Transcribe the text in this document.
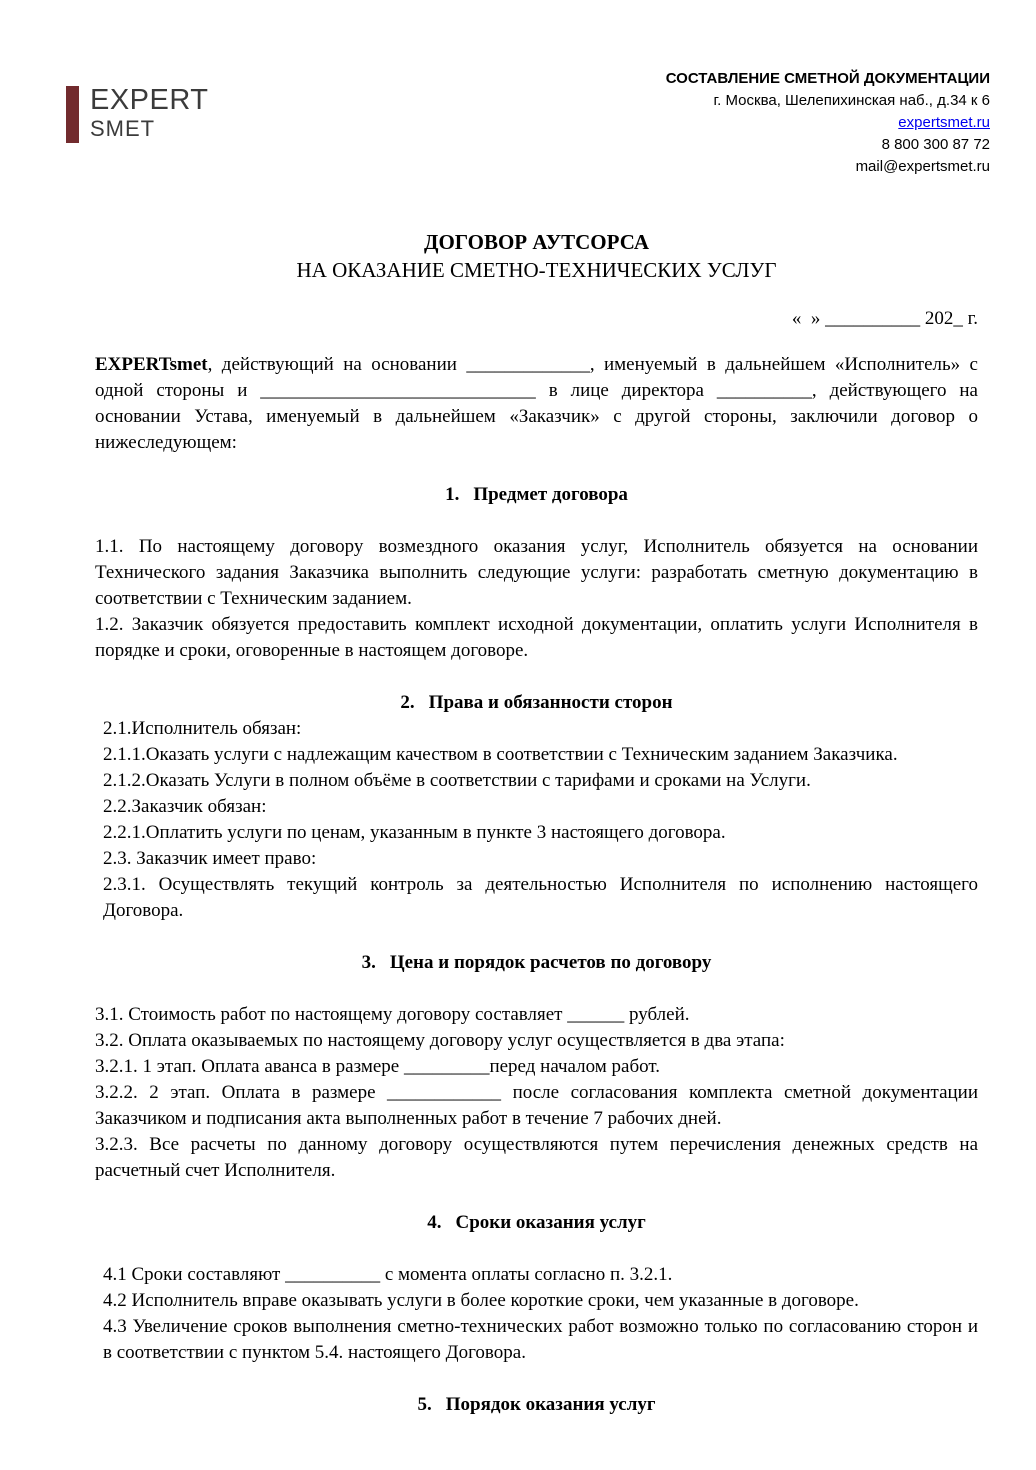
EXPERT
SMET
СОСТАВЛЕНИЕ СМЕТНОЙ ДОКУМЕНТАЦИИ
г. Москва, Шелепихинская наб., д.34 к 6
expertsmet.ru
8 800 300 87 72
mail@expertsmet.ru
ДОГОВОР АУТСОРСА
НА ОКАЗАНИЕ СМЕТНО-ТЕХНИЧЕСКИХ УСЛУГ
«  » __________ 202_ г.

EXPERTsmet, действующий на основании _____________, именуемый в дальнейшем «Исполнитель» с одной стороны и _____________________________ в лице директора __________, действующего на основании Устава, именуемый в дальнейшем «Заказчик» с другой стороны, заключили договор о нижеследующем:

1. Предмет договора

1.1. По настоящему договору возмездного оказания услуг, Исполнитель обязуется на основании Технического задания Заказчика выполнить следующие услуги: разработать сметную документацию в соответствии с Техническим заданием.

1.2. Заказчик обязуется предоставить комплект исходной документации, оплатить услуги Исполнителя в порядке и сроки, оговоренные в настоящем договоре.

2. Права и обязанности сторон

2.1.Исполнитель обязан:

2.1.1.Оказать услуги с надлежащим качеством в соответствии с Техническим заданием Заказчика.

2.1.2.Оказать Услуги в полном объёме в соответствии с тарифами и сроками на Услуги.

2.2.Заказчик обязан:

2.2.1.Оплатить услуги по ценам, указанным в пункте 3 настоящего договора.

2.3. Заказчик имеет право:

2.3.1. Осуществлять текущий контроль за деятельностью Исполнителя по исполнению настоящего Договора.

3. Цена и порядок расчетов по договору

3.1. Стоимость работ по настоящему договору составляет ______ рублей.

3.2. Оплата оказываемых по настоящему договору услуг осуществляется в два этапа:

3.2.1. 1 этап. Оплата аванса в размере _________перед началом работ.

3.2.2. 2 этап. Оплата в размере ____________ после согласования комплекта сметной документации Заказчиком и подписания акта выполненных работ в течение 7 рабочих дней.

3.2.3. Все расчеты по данному договору осуществляются путем перечисления денежных средств на расчетный счет Исполнителя.

4. Сроки оказания услуг

4.1 Сроки составляют __________ с момента оплаты согласно п. 3.2.1.

4.2 Исполнитель вправе оказывать услуги в более короткие сроки, чем указанные в договоре.

4.3 Увеличение сроков выполнения сметно-технических работ возможно только по согласованию сторон и в соответствии с пунктом 5.4. настоящего Договора.

5. Порядок оказания услуг
